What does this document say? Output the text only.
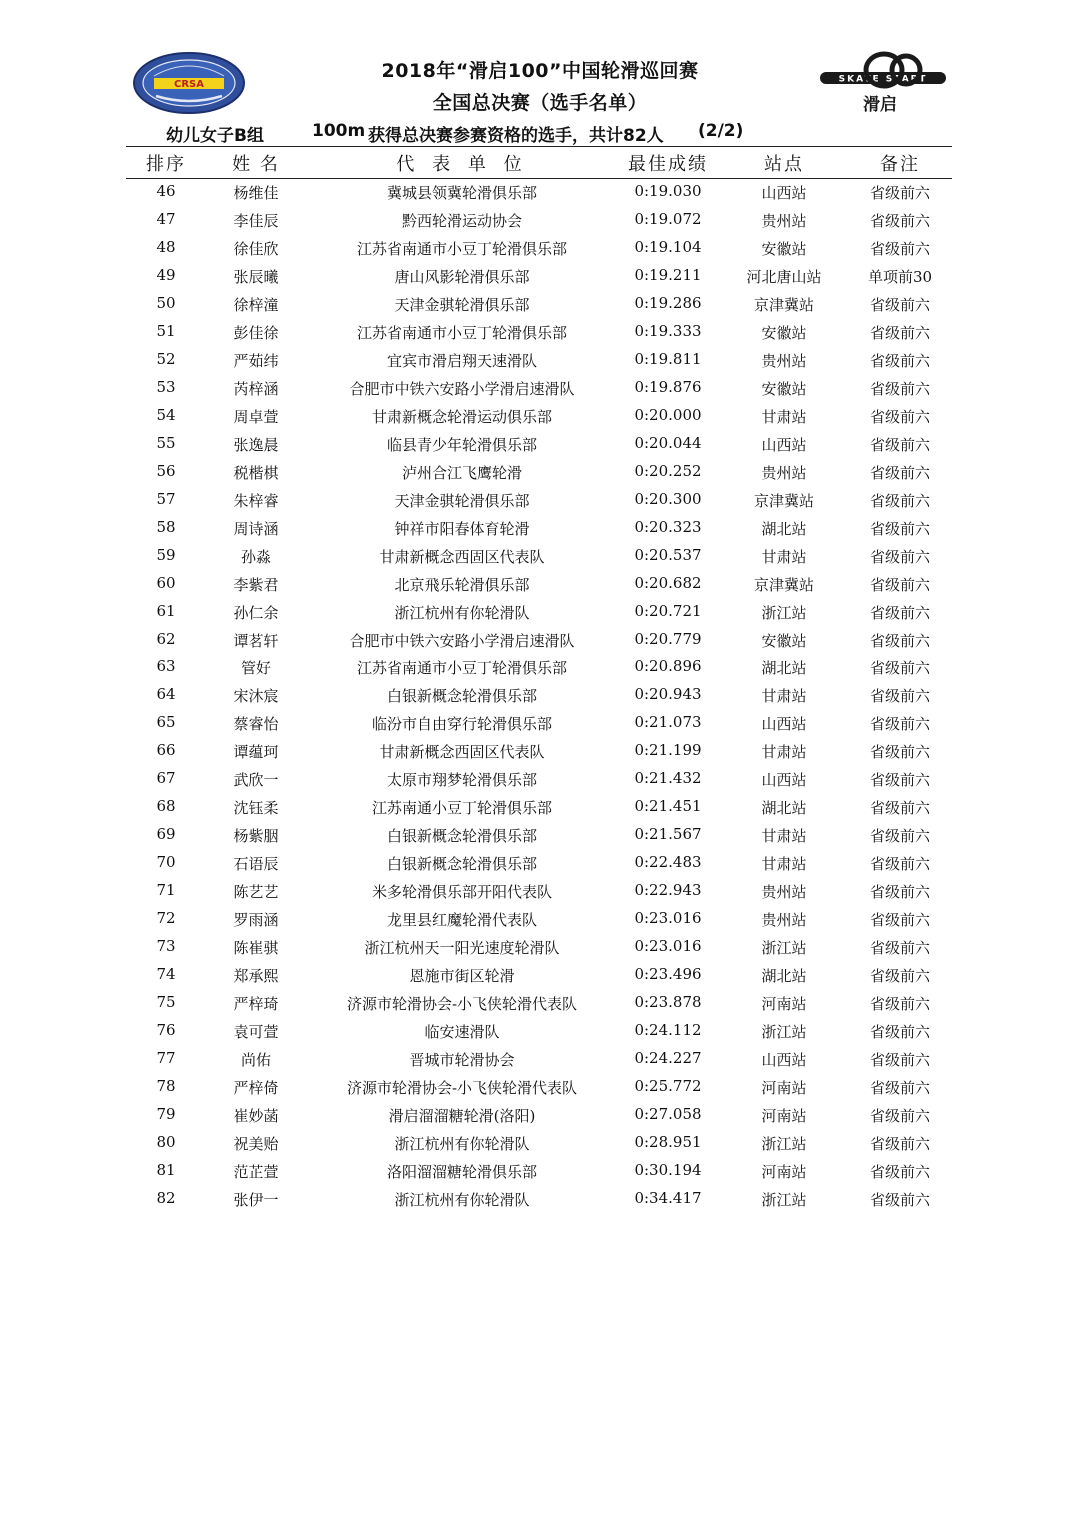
CRSA	SKATE START
滑启
2018年“滑启100”中国轮滑巡回赛
全国总决赛（选手名单）
幼儿女子B组	100m 获得总决赛参赛资格的选手，共计82人 (2/2)
排序	姓 名	代 表 单 位	最佳成绩	站点	备注
46	杨维佳	冀城县领冀轮滑俱乐部	0:19.030	山西站	省级前六
47	李佳辰	黔西轮滑运动协会	0:19.072	贵州站	省级前六
48	徐佳欣	江苏省南通市小豆丁轮滑俱乐部	0:19.104	安徽站	省级前六
49	张辰曦	唐山风影轮滑俱乐部	0:19.211	河北唐山站	单项前30
50	徐梓潼	天津金骐轮滑俱乐部	0:19.286	京津冀站	省级前六
51	彭佳徐	江苏省南通市小豆丁轮滑俱乐部	0:19.333	安徽站	省级前六
52	严茹纬	宜宾市滑启翔天速滑队	0:19.811	贵州站	省级前六
53	芮梓涵	合肥市中铁六安路小学滑启速滑队	0:19.876	安徽站	省级前六
54	周卓萱	甘肃新概念轮滑运动俱乐部	0:20.000	甘肃站	省级前六
55	张逸晨	临县青少年轮滑俱乐部	0:20.044	山西站	省级前六
56	税楷棋	泸州合江飞鹰轮滑	0:20.252	贵州站	省级前六
57	朱梓睿	天津金骐轮滑俱乐部	0:20.300	京津冀站	省级前六
58	周诗涵	钟祥市阳春体育轮滑	0:20.323	湖北站	省级前六
59	孙淼	甘肃新概念西固区代表队	0:20.537	甘肃站	省级前六
60	李紫君	北京飛乐轮滑俱乐部	0:20.682	京津冀站	省级前六
61	孙仁余	浙江杭州有你轮滑队	0:20.721	浙江站	省级前六
62	谭茗轩	合肥市中铁六安路小学滑启速滑队	0:20.779	安徽站	省级前六
63	管好	江苏省南通市小豆丁轮滑俱乐部	0:20.896	湖北站	省级前六
64	宋沐宸	白银新概念轮滑俱乐部	0:20.943	甘肃站	省级前六
65	蔡睿怡	临汾市自由穿行轮滑俱乐部	0:21.073	山西站	省级前六
66	谭蕴珂	甘肃新概念西固区代表队	0:21.199	甘肃站	省级前六
67	武欣一	太原市翔梦轮滑俱乐部	0:21.432	山西站	省级前六
68	沈钰柔	江苏南通小豆丁轮滑俱乐部	0:21.451	湖北站	省级前六
69	杨紫胭	白银新概念轮滑俱乐部	0:21.567	甘肃站	省级前六
70	石语辰	白银新概念轮滑俱乐部	0:22.483	甘肃站	省级前六
71	陈艺艺	米多轮滑俱乐部开阳代表队	0:22.943	贵州站	省级前六
72	罗雨涵	龙里县红魔轮滑代表队	0:23.016	贵州站	省级前六
73	陈崔骐	浙江杭州天一阳光速度轮滑队	0:23.016	浙江站	省级前六
74	郑承熙	恩施市街区轮滑	0:23.496	湖北站	省级前六
75	严梓琦	济源市轮滑协会-小飞侠轮滑代表队	0:23.878	河南站	省级前六
76	袁可萱	临安速滑队	0:24.112	浙江站	省级前六
77	尚佑	晋城市轮滑协会	0:24.227	山西站	省级前六
78	严梓倚	济源市轮滑协会-小飞侠轮滑代表队	0:25.772	河南站	省级前六
79	崔妙菡	滑启溜溜糖轮滑(洛阳)	0:27.058	河南站	省级前六
80	祝美贻	浙江杭州有你轮滑队	0:28.951	浙江站	省级前六
81	范芷萱	洛阳溜溜糖轮滑俱乐部	0:30.194	河南站	省级前六
82	张伊一	浙江杭州有你轮滑队	0:34.417	浙江站	省级前六
